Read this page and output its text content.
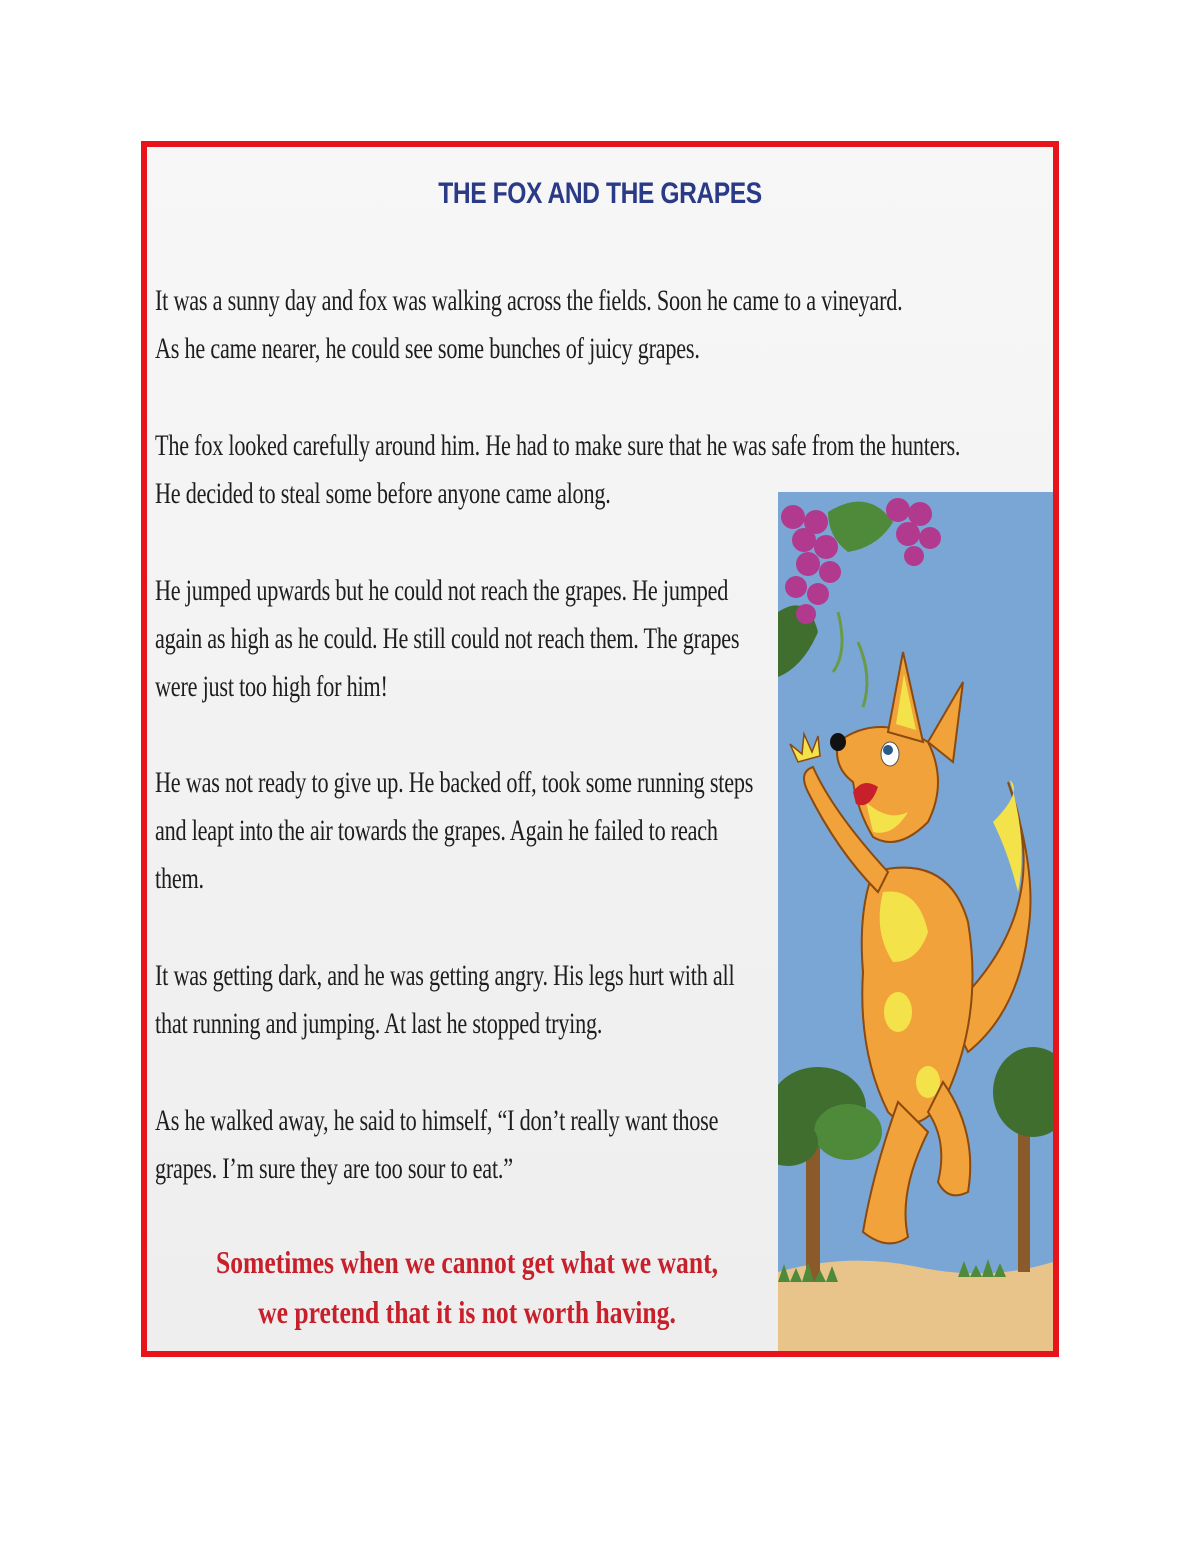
THE FOX AND THE GRAPES

It was a sunny day and fox was walking across the fields. Soon he came to a vineyard.
As he came nearer, he could see some bunches of juicy grapes.

The fox looked carefully around him. He had to make sure that he was safe from the hunters.
He decided to steal some before anyone came along.

He jumped upwards but he could not reach the grapes. He jumped
again as high as he could. He still could not reach them. The grapes
were just too high for him!

He was not ready to give up. He backed off, took some running steps
and leapt into the air towards the grapes. Again he failed to reach
them.

It was getting dark, and he was getting angry. His legs hurt with all
that running and jumping. At last he stopped trying.

As he walked away, he said to himself, “I don’t really want those
grapes. I’m sure they are too sour to eat.”

Sometimes when we cannot get what we want,
we pretend that it is not worth having.
